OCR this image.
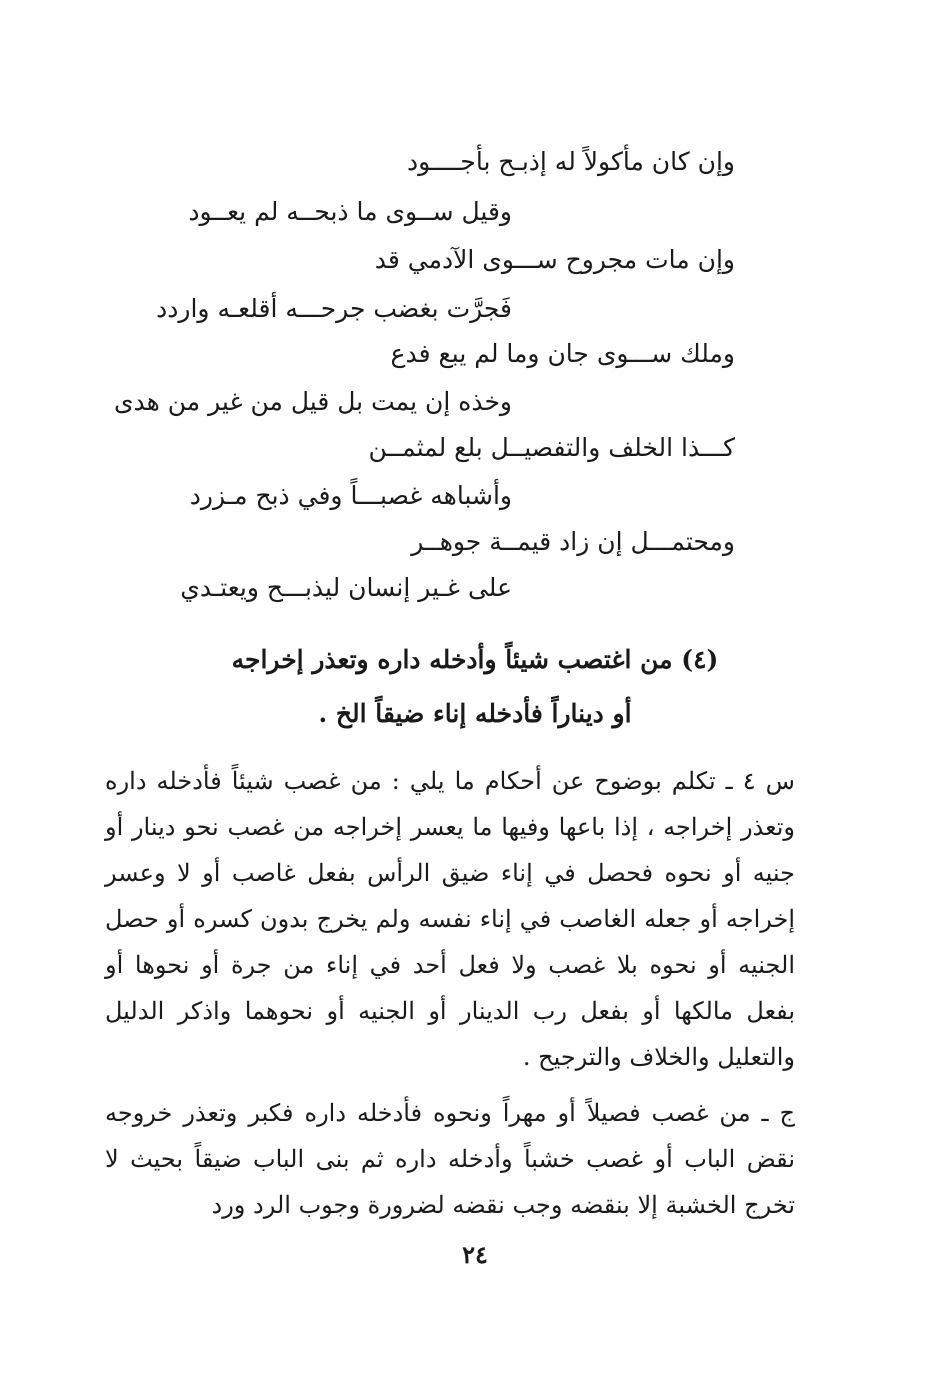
وإن كان مأكولاً له إذبـح بأجــــود
وقيل ســوى ما ذبحــه لم يعــود
وإن مات مجروح ســـوى الآدمي قد
فَجرَّت بغضب جرحـــه أقلعـه واردد
وملك ســـوى جان وما لم يبع فدع
وخذه إن يمت بل قيل من غير من هدى
كـــذا الخلف والتفصيــل بلع لمثمــن
وأشباهه غصبـــاً وفي ذبح مـزرد
ومحتمـــل إن زاد قيمــة جوهــر
على غـير إنسان ليذبـــح ويعتـدي
(٤) من اغتصب شيئاً وأدخله داره وتعذر إخراجه
أو ديناراً فأدخله إناء ضيقاً الخ .
س ٤ ـ تكلم بوضوح عن أحكام ما يلي : من غصب شيئاً فأدخله داره وتعذر إخراجه ، إذا باعها وفيها ما يعسر إخراجه من غصب نحو دينار أو جنيه أو نحوه فحصل في إناء ضيق الرأس بفعل غاصب أو لا وعسر إخراجه أو جعله الغاصب في إناء نفسه ولم يخرج بدون كسره أو حصل الجنيه أو نحوه بلا غصب ولا فعل أحد في إناء من جرة أو نحوها أو بفعل مالكها أو بفعل رب الدينار أو الجنيه أو نحوهما واذكر الدليل والتعليل والخلاف والترجيح .
ج ـ من غصب فصيلاً أو مهراً ونحوه فأدخله داره فكبر وتعذر خروجه نقض الباب أو غصب خشباً وأدخله داره ثم بنى الباب ضيقاً بحيث لا تخرج الخشبة إلا بنقضه وجب نقضه لضرورة وجوب الرد ورد
٢٤
